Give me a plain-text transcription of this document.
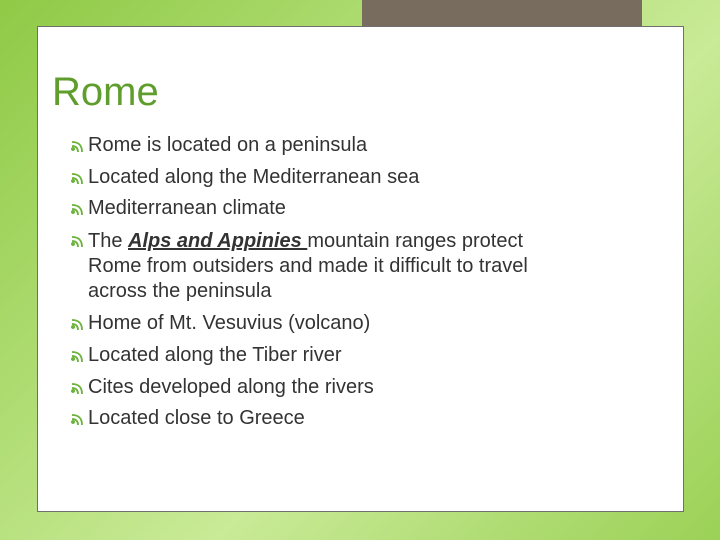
Rome
Rome is located on a peninsula
Located along the Mediterranean sea
Mediterranean climate
The Alps and Appinies mountain ranges protect Rome from outsiders and made it difficult to travel across the peninsula
Home of Mt. Vesuvius (volcano)
Located along the Tiber river
Cites developed along the rivers
Located close to Greece
